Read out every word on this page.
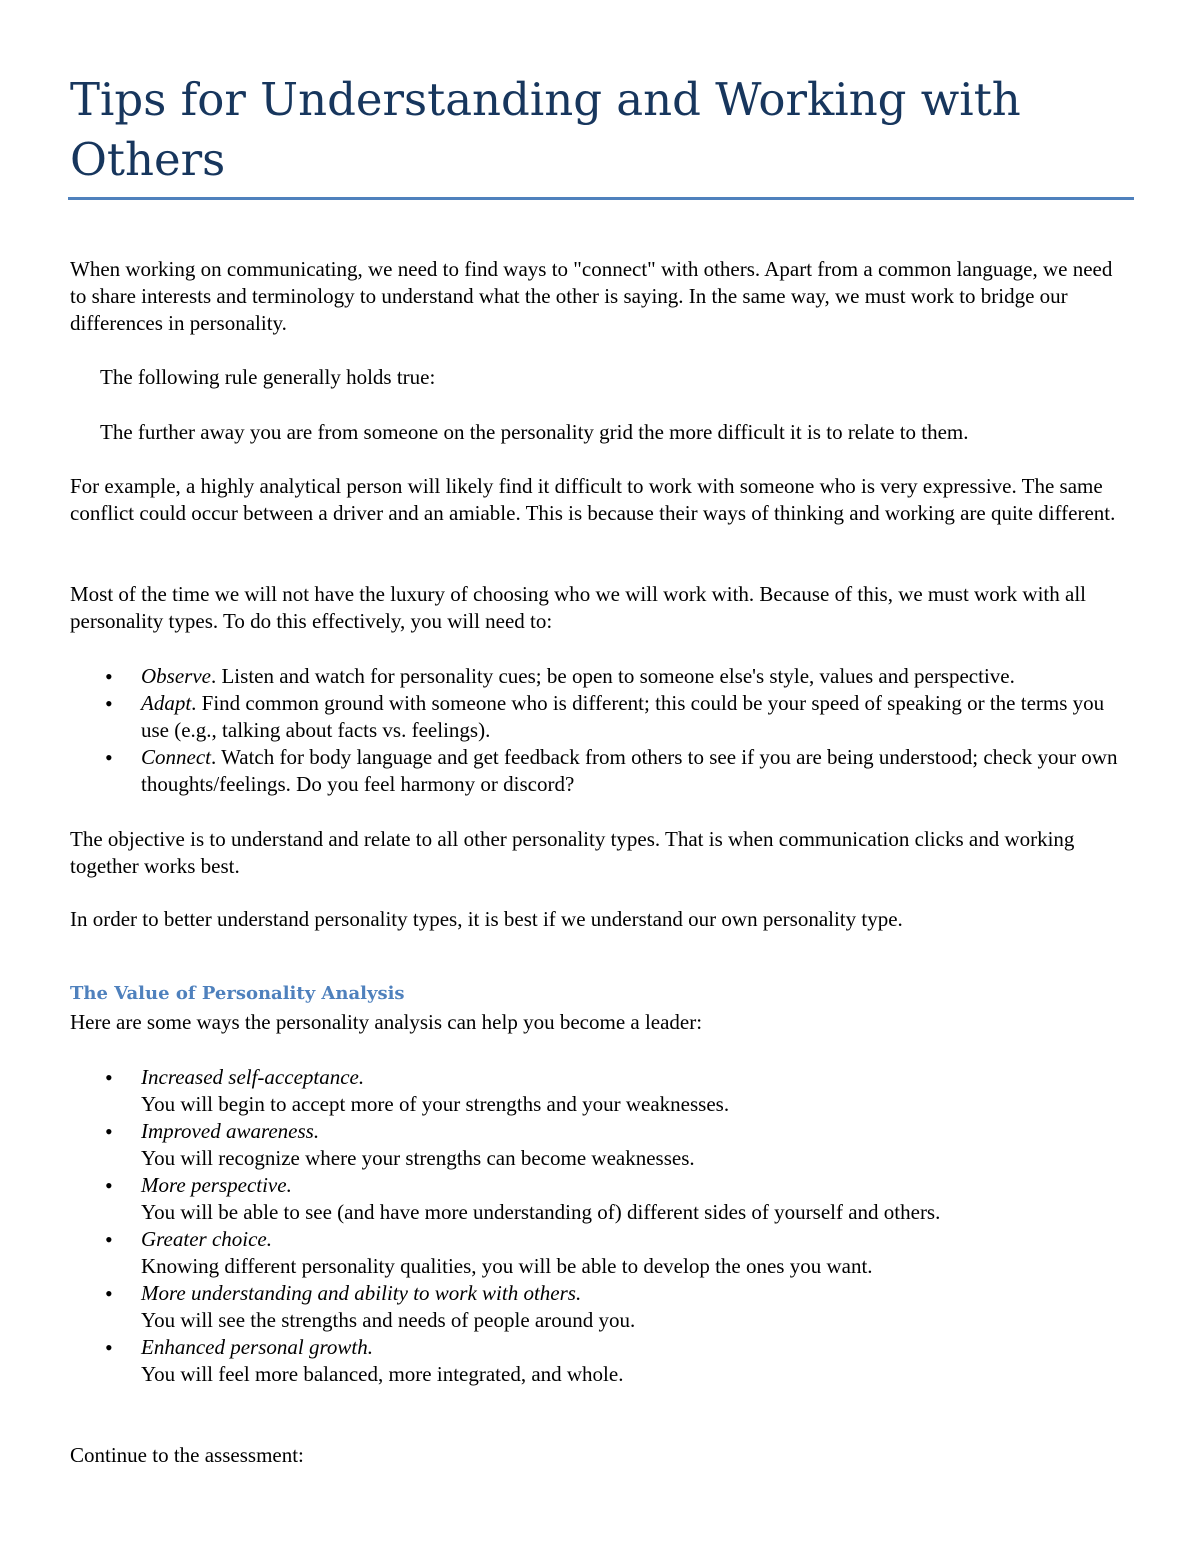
Tips for Understanding and Working with Others

When working on communicating, we need to find ways to "connect" with others. Apart from a common language, we need to share interests and terminology to understand what the other is saying. In the same way, we must work to bridge our differences in personality.

The following rule generally holds true:

The further away you are from someone on the personality grid the more difficult it is to relate to them.

For example, a highly analytical person will likely find it difficult to work with someone who is very expressive. The same conflict could occur between a driver and an amiable. This is because their ways of thinking and working are quite different.

Most of the time we will not have the luxury of choosing who we will work with. Because of this, we must work with all personality types. To do this effectively, you will need to:

• Observe. Listen and watch for personality cues; be open to someone else's style, values and perspective.
• Adapt. Find common ground with someone who is different; this could be your speed of speaking or the terms you use (e.g., talking about facts vs. feelings).
• Connect. Watch for body language and get feedback from others to see if you are being understood; check your own thoughts/feelings. Do you feel harmony or discord?

The objective is to understand and relate to all other personality types. That is when communication clicks and working together works best.

In order to better understand personality types, it is best if we understand our own personality type.

The Value of Personality Analysis

Here are some ways the personality analysis can help you become a leader:

• Increased self-acceptance.
You will begin to accept more of your strengths and your weaknesses.
• Improved awareness.
You will recognize where your strengths can become weaknesses.
• More perspective.
You will be able to see (and have more understanding of) different sides of yourself and others.
• Greater choice.
Knowing different personality qualities, you will be able to develop the ones you want.
• More understanding and ability to work with others.
You will see the strengths and needs of people around you.
• Enhanced personal growth.
You will feel more balanced, more integrated, and whole.

Continue to the assessment:
